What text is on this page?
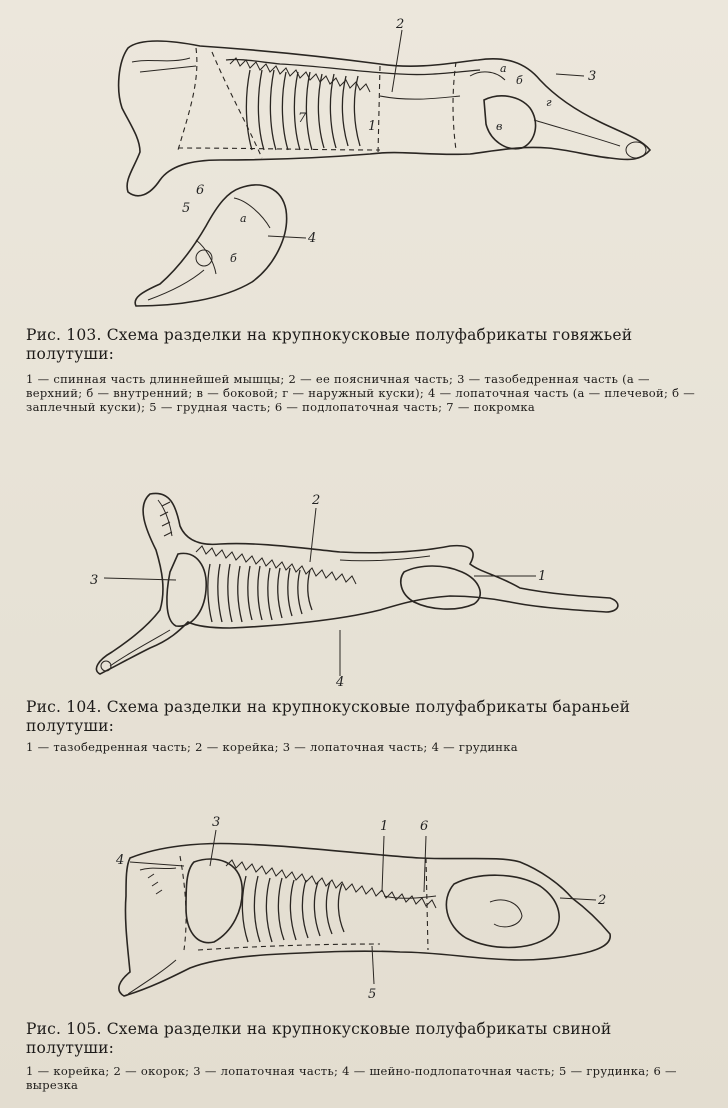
2
3
4
5
6
7
1
а
б
в
г
а
б
Рис. 103. Схема разделки на крупнокусковые полуфабрикаты говяжьей полутуши:
1 — спинная часть длиннейшей мышцы; 2 — ее поясничная часть; 3 — тазобедренная часть (а — верхний; б — внутренний; в — боковой; г — наружный куски); 4 — лопаточная часть (а — плечевой; б — заплечный куски); 5 — грудная часть; 6 — подлопаточная часть; 7 — покромка
2
3	1
4
Рис. 104. Схема разделки на крупнокусковые полуфабрикаты бараньей полутуши:
1 — тазобедренная часть; 2 — корейка; 3 — лопаточная часть; 4 — грудинка
3
4
1 6
2
5
Рис. 105. Схема разделки на крупнокусковые полуфабрикаты свиной полутуши:
1 — корейка; 2 — окорок; 3 — лопаточная часть; 4 — шейно-подлопаточная часть; 5 — грудинка; 6 — вырезка
